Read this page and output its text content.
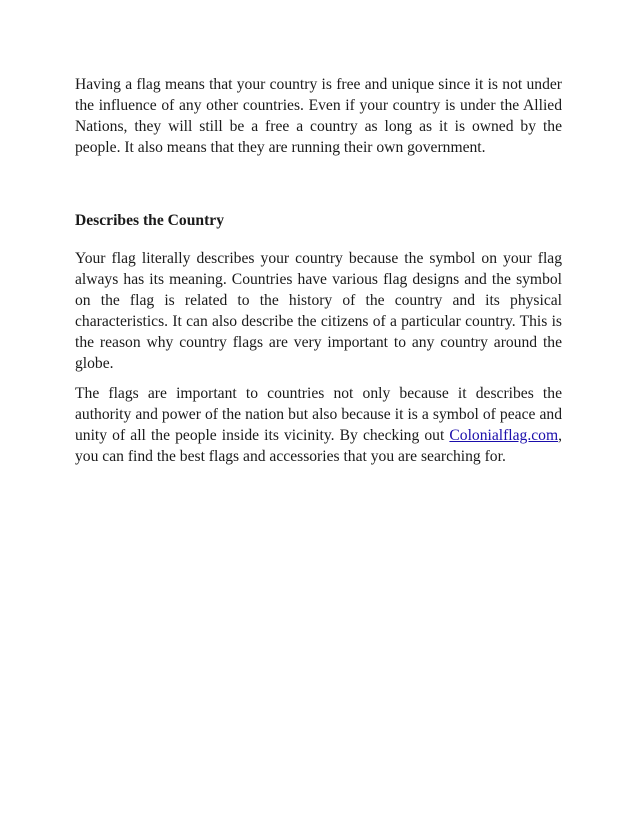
Having a flag means that your country is free and unique since it is not under the influence of any other countries. Even if your country is under the Allied Nations, they will still be a free a country as long as it is owned by the people. It also means that they are running their own government.

Describes the Country

Your flag literally describes your country because the symbol on your flag always has its meaning. Countries have various flag designs and the symbol on the flag is related to the history of the country and its physical characteristics. It can also describe the citizens of a particular country. This is the reason why country flags are very important to any country around the globe.

The flags are important to countries not only because it describes the authority and power of the nation but also because it is a symbol of peace and unity of all the people inside its vicinity. By checking out Colonialflag.com, you can find the best flags and accessories that you are searching for.
